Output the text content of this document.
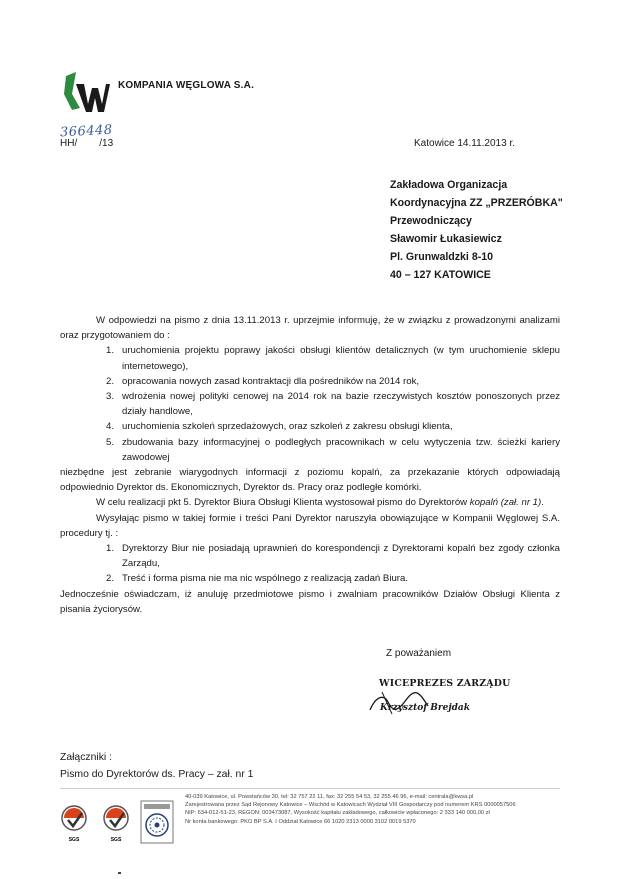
KOMPANIA WĘGLOWA S.A.
366448
HH/ /13	Katowice 14.11.2013 r.
Zakładowa Organizacja
Koordynacyjna ZZ „PRZERÓBKA"
Przewodniczący
Sławomir Łukasiewicz
Pl. Grunwaldzki 8-10
40 – 127 KATOWICE

W odpowiedzi na pismo z dnia 13.11.2013 r. uprzejmie informuję, że w związku z prowadzonymi analizami oraz przygotowaniem do :

1. uruchomienia projektu poprawy jakości obsługi klientów detalicznych (w tym uruchomienie sklepu internetowego),
2. opracowania nowych zasad kontraktacji dla pośredników na 2014 rok,
3. wdrożenia nowej polityki cenowej na 2014 rok na bazie rzeczywistych kosztów ponoszonych przez działy handlowe,
4. uruchomienia szkoleń sprzedażowych, oraz szkoleń z zakresu obsługi klienta,
5. zbudowania bazy informacyjnej o podległych pracownikach w celu wytyczenia tzw. ścieżki kariery zawodowej

niezbędne jest zebranie wiarygodnych informacji z poziomu kopalń, za przekazanie których odpowiadają odpowiednio Dyrektor ds. Ekonomicznych, Dyrektor ds. Pracy oraz podległe komórki.

W celu realizacji pkt 5. Dyrektor Biura Obsługi Klienta wystosował pismo do Dyrektorów kopalń (zał. nr 1).

Wysyłając pismo w takiej formie i treści Pani Dyrektor naruszyła obowiązujące w Kompanii Węglowej S.A. procedury tj. :

1. Dyrektorzy Biur nie posiadają uprawnień do korespondencji z Dyrektorami kopalń bez zgody członka Zarządu,
2. Treść i forma pisma nie ma nic wspólnego z realizacją zadań Biura.

Jednocześnie oświadczam, iż anuluję przedmiotowe pismo i zwalniam pracowników Działów Obsługi Klienta z pisania życiorysów.

Z poważaniem
WICEPREZES ZARZĄDU
Krzysztof Brejdak
Załączniki :
Pismo do Dyrektorów ds. Pracy – zał. nr 1
SGS	SGS
40-039 Katowice, ul. Powstańców 30, tel: 32 757 22 11, fax: 32 255 54 53, 32 255 46 96, e-mail: centrala@kwsa.pl
Zarejestrowana przez Sąd Rejonowy Katowice – Wschód w Katowicach Wydział VIII Gospodarczy pod numerem KRS 0000057506
NIP: 634-012-51-23, REGON: 003473087, Wysokość kapitału zakładowego, całkowicie wpłaconego: 2 333 140 000,00 zł
Nr konta bankowego: PKO BP S.A. I Oddział Katowice 66 1020 2313 0000 3102 0019 5370
